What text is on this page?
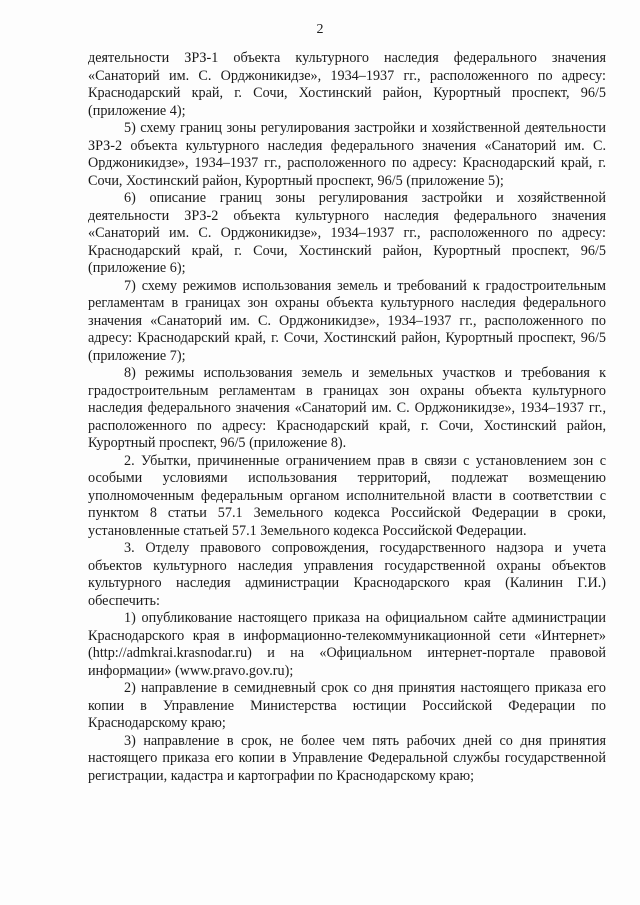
2

деятельности ЗРЗ-1 объекта культурного наследия федерального значения «Санаторий им. С. Орджоникидзе», 1934–1937 гг., расположенного по адресу: Краснодарский край, г. Сочи, Хостинский район, Курортный проспект, 96/5 (приложение 4);

5) схему границ зоны регулирования застройки и хозяйственной деятельности ЗРЗ-2 объекта культурного наследия федерального значения «Санаторий им. С. Орджоникидзе», 1934–1937 гг., расположенного по адресу: Краснодарский край, г. Сочи, Хостинский район, Курортный проспект, 96/5 (приложение 5);

6) описание границ зоны регулирования застройки и хозяйственной деятельности ЗРЗ-2 объекта культурного наследия федерального значения «Санаторий им. С. Орджоникидзе», 1934–1937 гг., расположенного по адресу: Краснодарский край, г. Сочи, Хостинский район, Курортный проспект, 96/5 (приложение 6);

7) схему режимов использования земель и требований к градостроительным регламентам в границах зон охраны объекта культурного наследия федерального значения «Санаторий им. С. Орджоникидзе», 1934–1937 гг., расположенного по адресу: Краснодарский край, г. Сочи, Хостинский район, Курортный проспект, 96/5 (приложение 7);

8) режимы использования земель и земельных участков и требования к градостроительным регламентам в границах зон охраны объекта культурного наследия федерального значения «Санаторий им. С. Орджоникидзе», 1934–1937 гг., расположенного по адресу: Краснодарский край, г. Сочи, Хостинский район, Курортный проспект, 96/5 (приложение 8).

2. Убытки, причиненные ограничением прав в связи с установлением зон с особыми условиями использования территорий, подлежат возмещению уполномоченным федеральным органом исполнительной власти в соответствии с пунктом 8 статьи 57.1 Земельного кодекса Российской Федерации в сроки, установленные статьей 57.1 Земельного кодекса Российской Федерации.

3. Отделу правового сопровождения, государственного надзора и учета объектов культурного наследия управления государственной охраны объектов культурного наследия администрации Краснодарского края (Калинин Г.И.) обеспечить:

1) опубликование настоящего приказа на официальном сайте администрации Краснодарского края в информационно-телекоммуникационной сети «Интернет» (http://admkrai.krasnodar.ru) и на «Официальном интернет-портале правовой информации» (www.pravo.gov.ru);

2) направление в семидневный срок со дня принятия настоящего приказа его копии в Управление Министерства юстиции Российской Федерации по Краснодарскому краю;

3) направление в срок, не более чем пять рабочих дней со дня принятия настоящего приказа его копии в Управление Федеральной службы государственной регистрации, кадастра и картографии по Краснодарскому краю;
